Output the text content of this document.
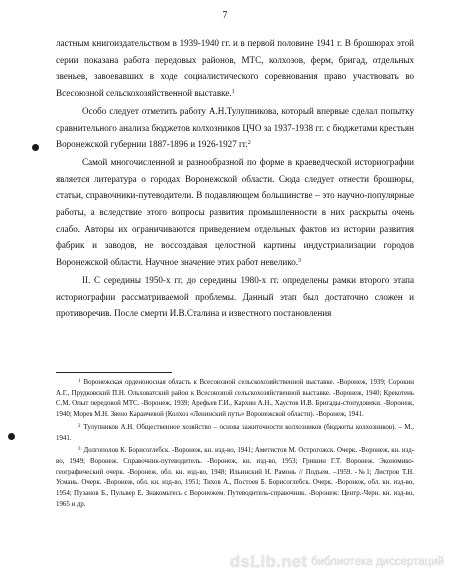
7

ластным книгоиздательством в 1939-1940 гг. и в первой половине 1941 г. В брошюрах этой серии показана работа передовых районов, МТС, колхозов, ферм, бригад, отдельных звеньев, завоевавших в ходе социалистического соревнования право участвовать во Всесоюзной сельскохозяйственной выставке.$^1$

Особо следует отметить работу А.Н.Тулупникова, который впервые сделал попытку сравнительного анализа бюджетов колхозников ЦЧО за 1937-1938 гг. с бюджетами крестьян Воронежской губернии 1887-1896 и 1926-1927 гг.$^2$

Самой многочисленной и разнообразной по форме в краеведческой историографии является литература о городах Воронежской области. Сюда следует отнести брошюры, статьи, справочники-путеводители. В подавляющем большинстве – это научно-популярные работы, а вследствие этого вопросы развития промышленности в них раскрыты очень слабо. Авторы их ограничиваются приведением отдельных фактов из истории развития фабрик и заводов, не воссоздавая целостной картины индустриализации городов Воронежской области. Научное значение этих работ невелико.$^3$

II. С середины 1950-х гг. до середины 1980-х гг. определены рамки второго этапа историографии рассматриваемой проблемы. Данный этап был достаточно сложен и противоречив. После смерти И.В.Сталина и известного постановления

$^1$ Воронежская орденоносная область к Всесоюзной сельскохозяйственной выставке. -Воронеж, 1939; Сорокин А.Г., Прудковский П.Н. Ольховатский район к Всесоюзной сельскохозяйственной выставке. -Воронеж, 1940; Крекотень С.М. Опыт передовой МТС. -Воронеж, 1939; Арефьев Г.И., Кархин А.Н., Хаустов И.В. Бригады-стопудовики. -Воронеж, 1940; Морев М.Н. Звено Караичевой (Колхоз «Ленинский путь» Воронежской области). -Воронеж, 1941.

$^2$ Тулупников А.Н. Общественное хозяйство – основа зажиточности колхозников (бюджеты колхозников). – М., 1941.

$^3$ Долгополов К. Борисоглебск. -Воронеж, кн. изд-во, 1941; Аметистов М. Острогожск. Очерк. -Воронеж, кн. изд-во, 1949; Воронеж. Справочник-путеводитель. -Воронеж, кн. изд-во, 1953; Гришин Г.Т. Воронеж. Экономико-географический очерк. -Воронеж, обл. кн. изд-во, 1948; Ильинский Н. Рамонь // Подъем. –1959. -№1; Листров Т.Н. Усмань. Очерк. -Воронеж, обл. кн. изд-во, 1951; Тихов А., Постоев Б. Борисоглебск. Очерк. -Воронеж, обл. кн. изд-во, 1954; Пузанов Б., Пульвер Е. Знакомьтесь с Воронежем. Путеводитель-справочник. -Воронеж: Центр.-Черн. кн. изд-во, 1965 и др.

dsLib.net библиотека диссертаций
